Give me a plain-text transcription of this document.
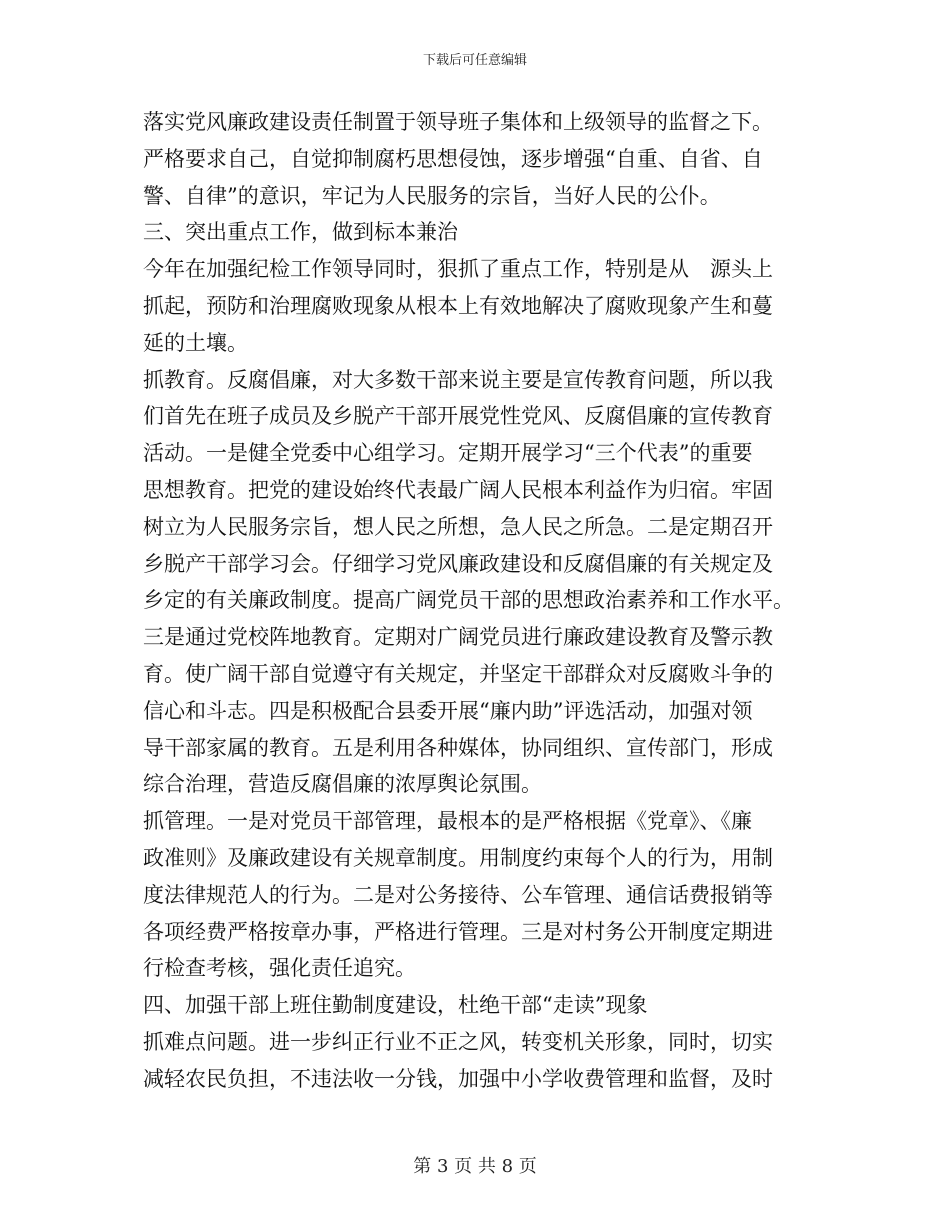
下载后可任意编辑
落实党风廉政建设责任制置于领导班子集体和上级领导的监督之下。
严格要求自己，自觉抑制腐朽思想侵蚀，逐步增强“自重、自省、自
警、自律”的意识，牢记为人民服务的宗旨，当好人民的公仆。
三、突出重点工作，做到标本兼治
今年在加强纪检工作领导同时，狠抓了重点工作，特别是从　源头上
抓起，预防和治理腐败现象从根本上有效地解决了腐败现象产生和蔓
延的土壤。
抓教育。反腐倡廉，对大多数干部来说主要是宣传教育问题，所以我
们首先在班子成员及乡脱产干部开展党性党风、反腐倡廉的宣传教育
活动。一是健全党委中心组学习。定期开展学习“三个代表”的重要
思想教育。把党的建设始终代表最广阔人民根本利益作为归宿。牢固
树立为人民服务宗旨，想人民之所想，急人民之所急。二是定期召开
乡脱产干部学习会。仔细学习党风廉政建设和反腐倡廉的有关规定及
乡定的有关廉政制度。提高广阔党员干部的思想政治素养和工作水平。
三是通过党校阵地教育。定期对广阔党员进行廉政建设教育及警示教
育。使广阔干部自觉遵守有关规定，并坚定干部群众对反腐败斗争的
信心和斗志。四是积极配合县委开展“廉内助”评选活动，加强对领
导干部家属的教育。五是利用各种媒体，协同组织、宣传部门，形成
综合治理，营造反腐倡廉的浓厚舆论氛围。
抓管理。一是对党员干部管理，最根本的是严格根据《党章》、《廉
政准则》及廉政建设有关规章制度。用制度约束每个人的行为，用制
度法律规范人的行为。二是对公务接待、公车管理、通信话费报销等
各项经费严格按章办事，严格进行管理。三是对村务公开制度定期进
行检查考核，强化责任追究。
四、加强干部上班住勤制度建设，杜绝干部“走读”现象
抓难点问题。进一步纠正行业不正之风，转变机关形象，同时，切实
减轻农民负担，不违法收一分钱，加强中小学收费管理和监督，及时
第 3 页 共 8 页
